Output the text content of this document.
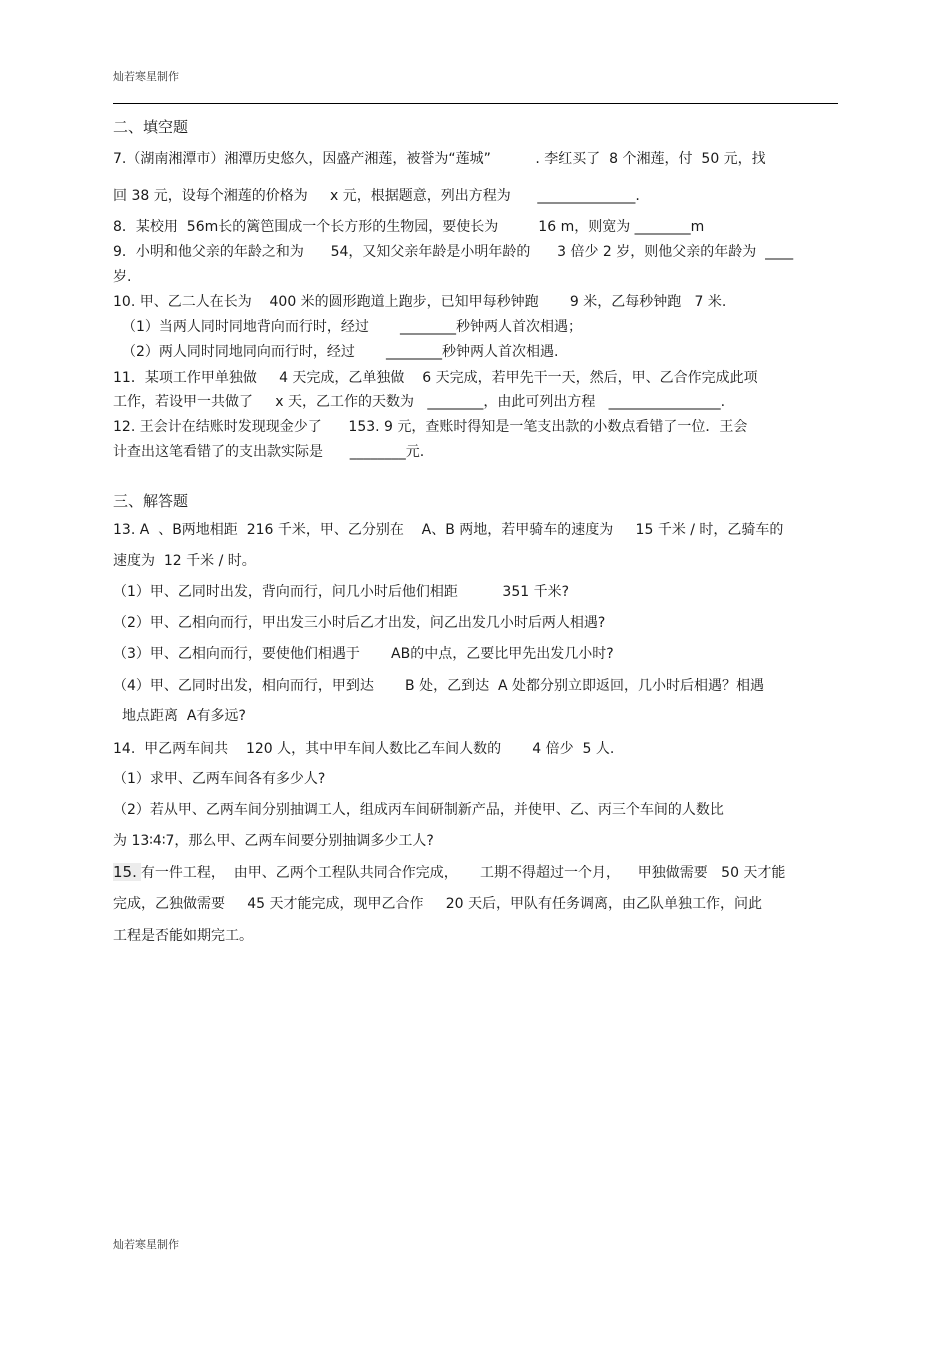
灿若寒星制作
二、填空题
7.（湖南湘潭市）湘潭历史悠久，因盛产湘莲，被誉为“莲城”          . 李红买了  8 个湘莲，付  50 元，找
回 38 元，设每个湘莲的价格为     x 元，根据题意，列出方程为      ______________.
8．某校用  56m长的篱笆围成一个长方形的生物园，要使长为         16 m，则宽为 ________m
9．小明和他父亲的年龄之和为      54，又知父亲年龄是小明年龄的      3 倍少 2 岁，则他父亲的年龄为  ____
岁.
10. 甲、乙二人在长为    400 米的圆形跑道上跑步，已知甲每秒钟跑       9 米，乙每秒钟跑   7 米.
（1）当两人同时同地背向而行时，经过       ________秒钟两人首次相遇；
（2）两人同时同地同向而行时，经过       ________秒钟两人首次相遇.
11．某项工作甲单独做     4 天完成，乙单独做    6 天完成，若甲先干一天，然后，甲、乙合作完成此项
工作，若设甲一共做了     x 天，乙工作的天数为   ________，由此可列出方程   ________________.
12. 王会计在结账时发现现金少了      153. 9 元，查账时得知是一笔支出款的小数点看错了一位．王会
计查出这笔看错了的支出款实际是      ________元.
三、解答题
13. A  、B两地相距  216 千米，甲、乙分别在    A、B 两地，若甲骑车的速度为     15 千米 / 时，乙骑车的
速度为  12 千米 / 时。
（1）甲、乙同时出发，背向而行，问几小时后他们相距          351 千米?
（2）甲、乙相向而行，甲出发三小时后乙才出发，问乙出发几小时后两人相遇?
（3）甲、乙相向而行，要使他们相遇于       AB的中点，乙要比甲先出发几小时?
（4）甲、乙同时出发，相向而行，甲到达       B 处，乙到达  A 处都分别立即返回，几小时后相遇？相遇
地点距离  A有多远?
14.  甲乙两车间共    120 人，其中甲车间人数比乙车间人数的       4 倍少  5 人.
（1）求甲、乙两车间各有多少人?
（2）若从甲、乙两车间分别抽调工人，组成丙车间研制新产品，并使甲、乙、丙三个车间的人数比
为 13∶4∶7，那么甲、乙两车间要分别抽调多少工人?
15. 有一件工程，  由甲、乙两个工程队共同合作完成，     工期不得超过一个月，    甲独做需要   50 天才能
完成，乙独做需要     45 天才能完成，现甲乙合作     20 天后，甲队有任务调离，由乙队单独工作，问此
工程是否能如期完工。
灿若寒星制作
